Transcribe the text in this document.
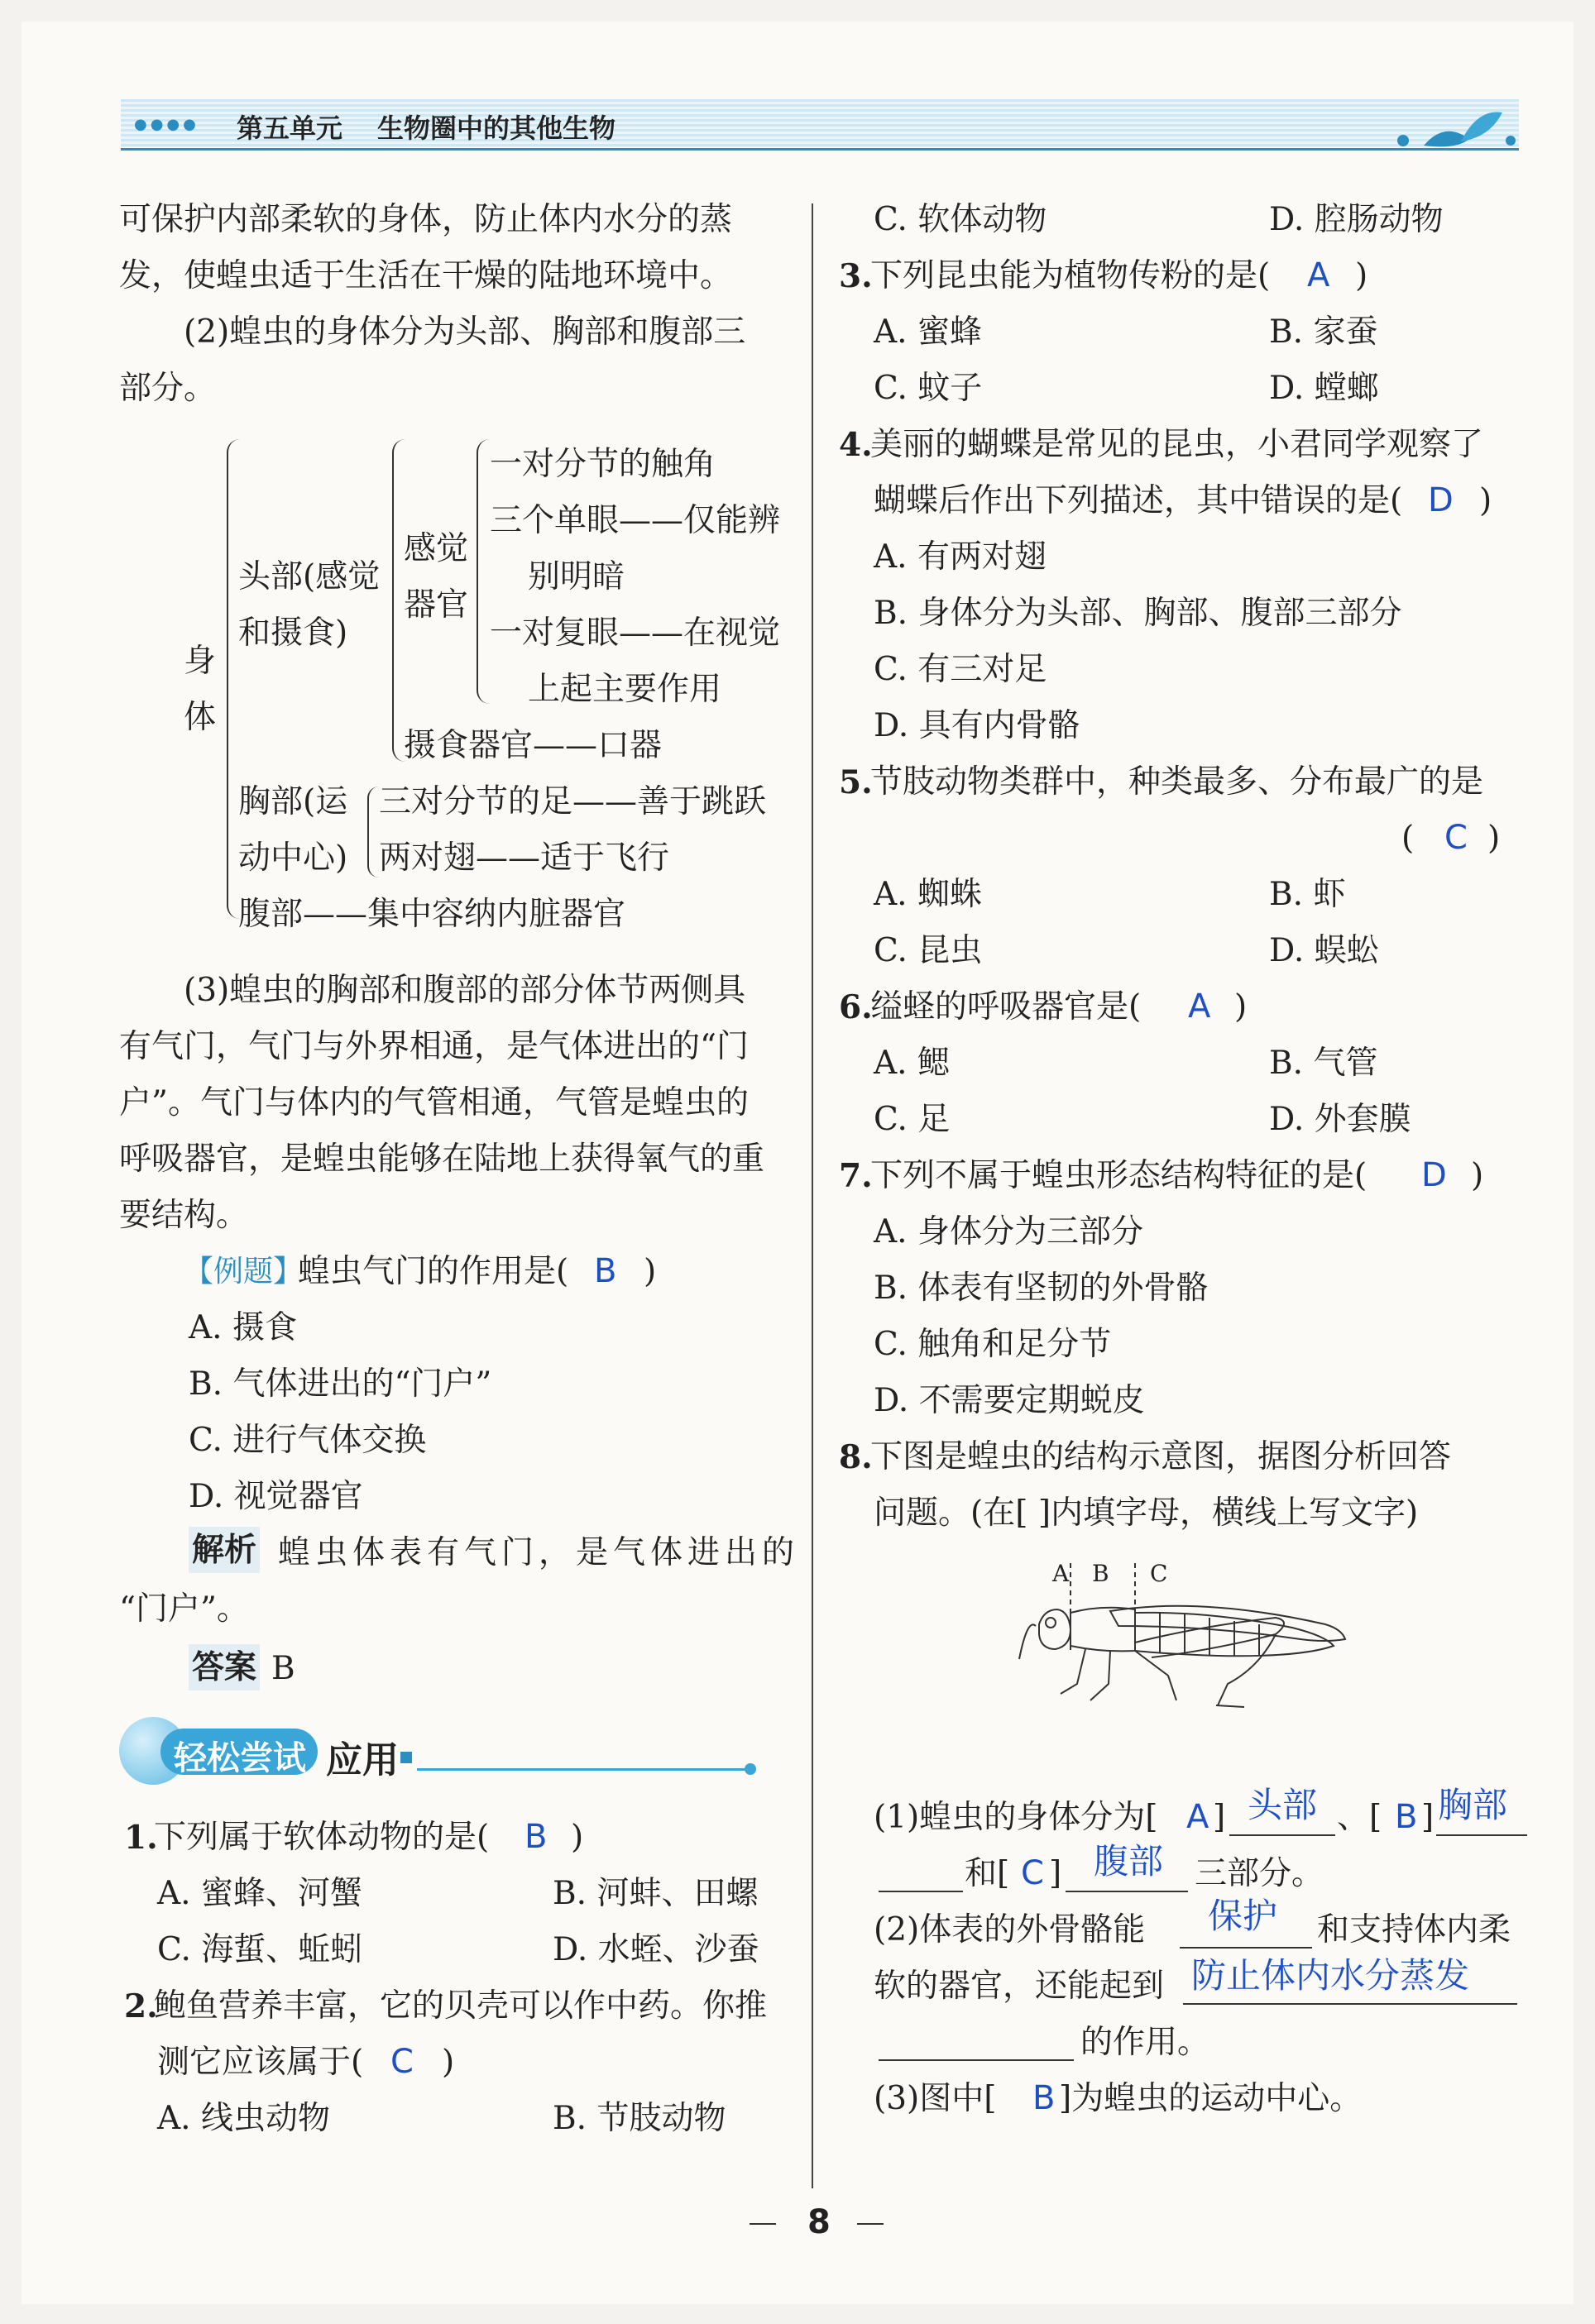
●●●● 第五单元 生物圈中的其他生物
可保护内部柔软的身体，防止体内水分的蒸
发，使蝗虫适于生活在干燥的陆地环境中。
(2)蝗虫的身体分为头部、胸部和腹部三
部分。
身
体
头部(感觉
和摄食)
感觉
器官
一对分节的触角
三个单眼——仅能辨
别明暗
一对复眼——在视觉
上起主要作用
摄食器官——口器
胸部(运
动中心)
三对分节的足——善于跳跃
两对翅——适于飞行
腹部——集中容纳内脏器官
(3)蝗虫的胸部和腹部的部分体节两侧具
有气门，气门与外界相通，是气体进出的“门
户”。气门与体内的气管相通，气管是蝗虫的
呼吸器官，是蝗虫能够在陆地上获得氧气的重
要结构。
【例题】
蝗虫气门的作用是( B )
A. 摄食
B. 气体进出的“门户”
C. 进行气体交换
D. 视觉器官
解析 蝗虫体表有气门，是气体进出的
“门户”。
答案 B
轻松尝试 应用
1.
下列属于软体动物的是( B )
A. 蜜蜂、河蟹	B. 河蚌、田螺
C. 海蜇、蚯蚓	D. 水蛭、沙蚕
2.
鲍鱼营养丰富，它的贝壳可以作中药。你推
测它应该属于( C )
A. 线虫动物	B. 节肢动物
C. 软体动物	D. 腔肠动物
3.
下列昆虫能为植物传粉的是( A )
A. 蜜蜂	B. 家蚕
C. 蚊子	D. 螳螂
4.
美丽的蝴蝶是常见的昆虫，小君同学观察了
蝴蝶后作出下列描述，其中错误的是( D )
A. 有两对翅
B. 身体分为头部、胸部、腹部三部分
C. 有三对足
D. 具有内骨骼
5.
节肢动物类群中，种类最多、分布最广的是
( C )
A. 蜘蛛	B. 虾
C. 昆虫	D. 蜈蚣
6.
缢蛏的呼吸器官是( A )
A. 鳃	B. 气管
C. 足	D. 外套膜
7.
下列不属于蝗虫形态结构特征的是( D )
A. 身体分为三部分
B. 体表有坚韧的外骨骼
C. 触角和足分节
D. 不需要定期蜕皮
8.
下图是蝗虫的结构示意图，据图分析回答
问题。(在[ ]内填字母，横线上写文字)
A B C
(1)蝗虫的身体分为[ A ] 头部 、[ B ] 胸部
和[ C ] 腹部 三部分。
(2)体表的外骨骼能 保护 和支持体内柔
软的器官，还能起到 防止体内水分蒸发
的作用。
(3)图中[ B ]为蝗虫的运动中心。
8
